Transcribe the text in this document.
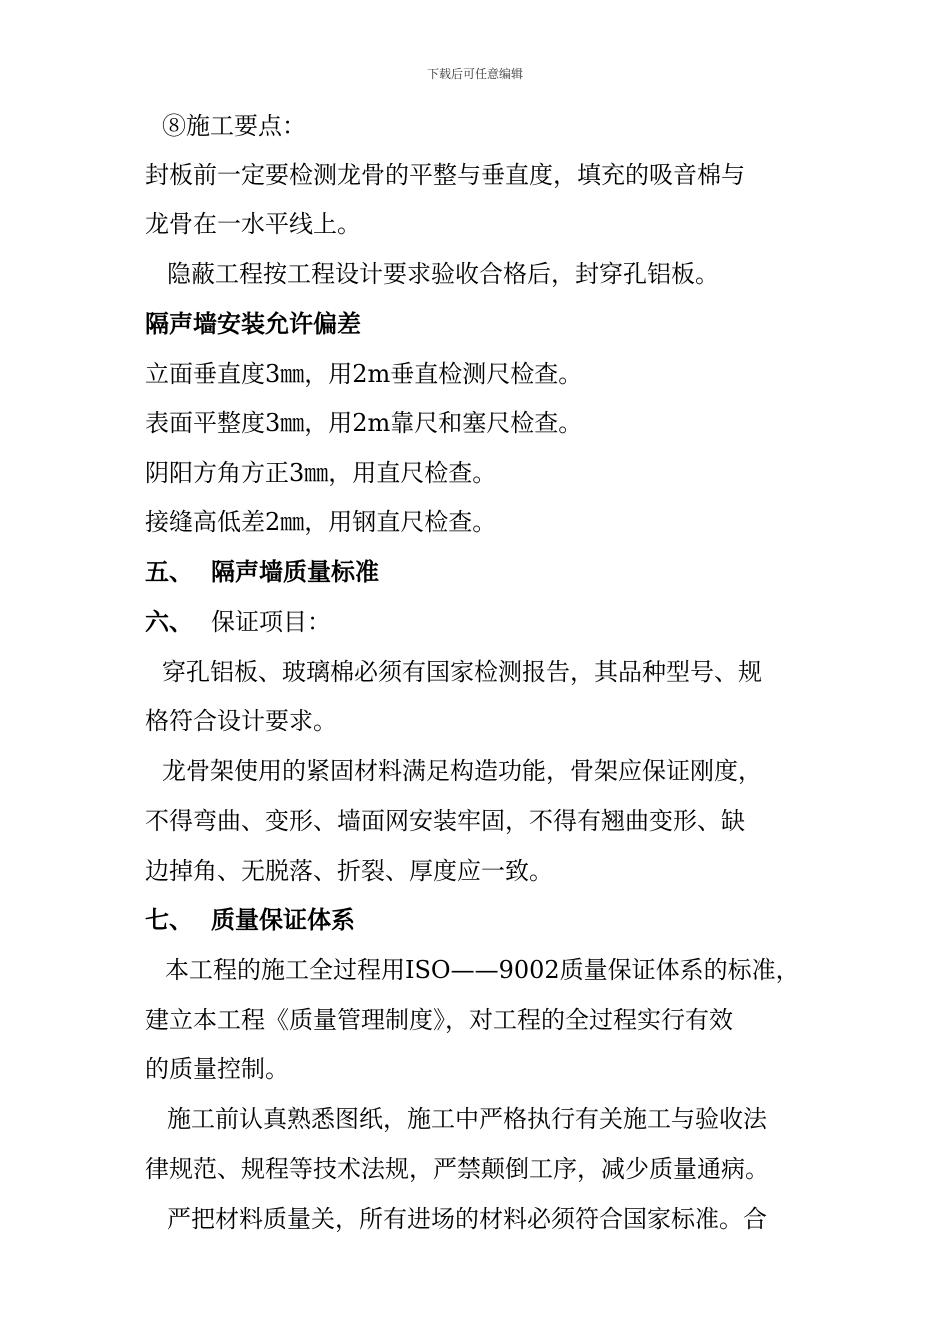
下载后可任意编辑
⑧施工要点：
封板前一定要检测龙骨的平整与垂直度，填充的吸音棉与
龙骨在一水平线上。
隐蔽工程按工程设计要求验收合格后，封穿孔铝板。
隔声墙安装允许偏差
立面垂直度3㎜，用2m垂直检测尺检查。
表面平整度3㎜，用2m靠尺和塞尺检查。
阴阳方角方正3㎜，用直尺检查。
接缝高低差2㎜，用钢直尺检查。
五、 隔声墙质量标准
六、 保证项目：
穿孔铝板、玻璃棉必须有国家检测报告，其品种型号、规
格符合设计要求。
龙骨架使用的紧固材料满足构造功能，骨架应保证刚度，
不得弯曲、变形、墙面网安装牢固，不得有翘曲变形、缺
边掉角、无脱落、折裂、厚度应一致。
七、 质量保证体系
本工程的施工全过程用ISO——9002质量保证体系的标准，
建立本工程《质量管理制度》，对工程的全过程实行有效
的质量控制。
施工前认真熟悉图纸，施工中严格执行有关施工与验收法
律规范、规程等技术法规，严禁颠倒工序，减少质量通病。
严把材料质量关，所有进场的材料必须符合国家标准。合
